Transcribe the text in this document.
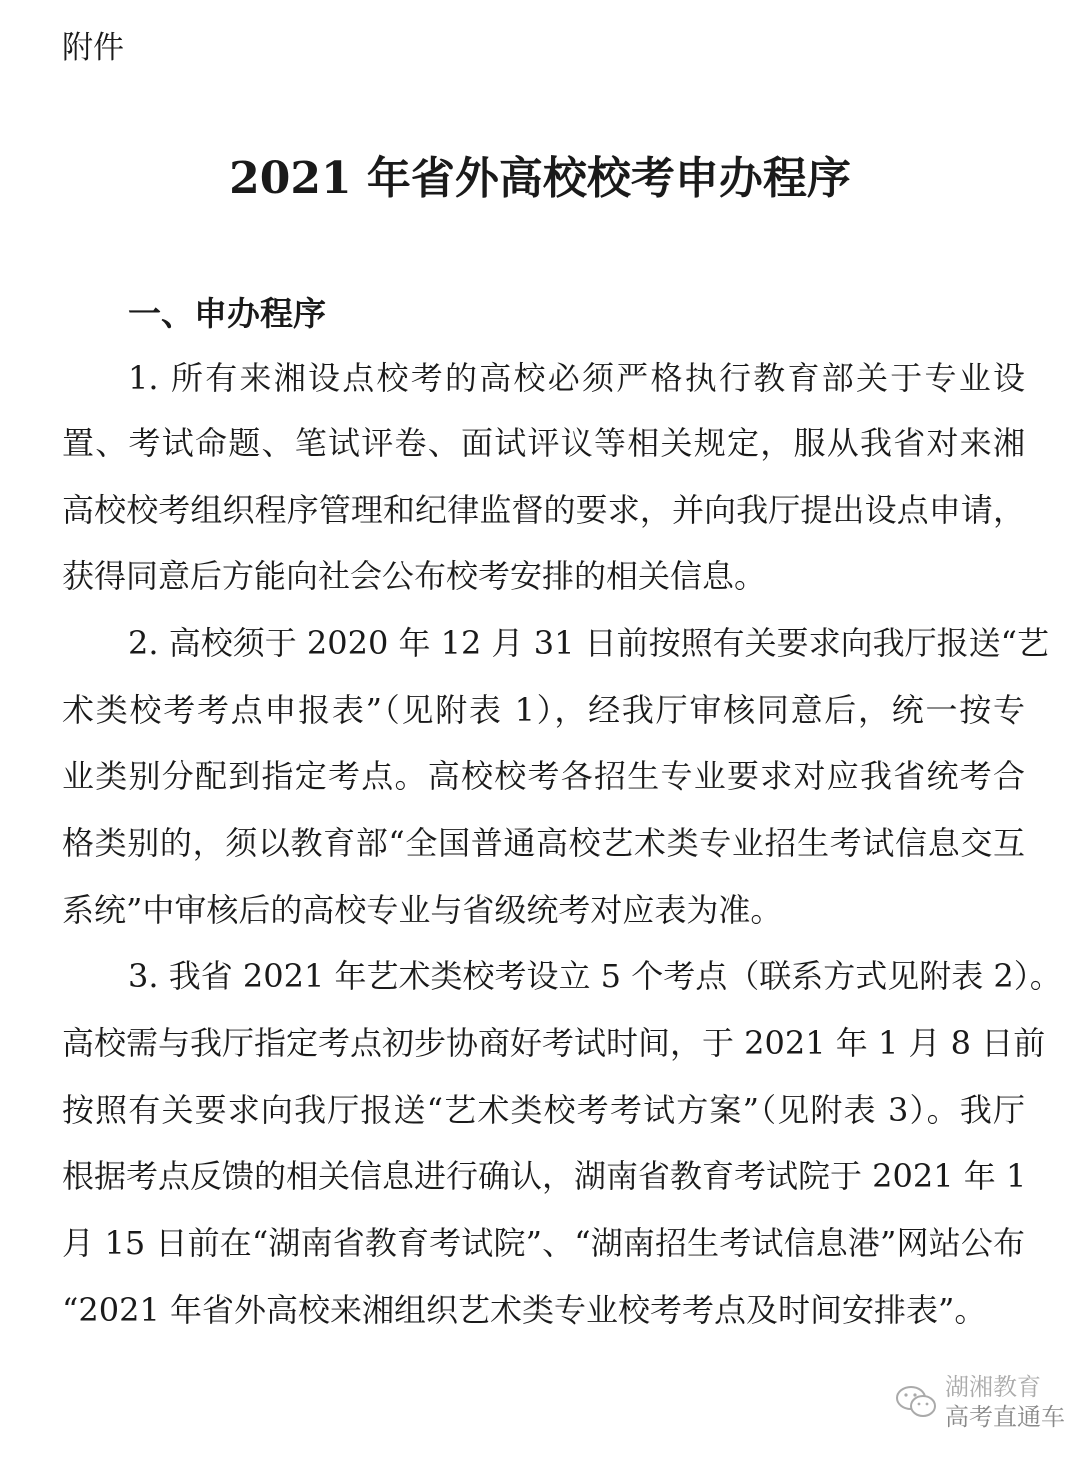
附件
2021 年省外高校校考申办程序
一、申办程序
1. 所有来湘设点校考的高校必须严格执行教育部关于专业设
置、考试命题、笔试评卷、面试评议等相关规定，服从我省对来湘
高校校考组织程序管理和纪律监督的要求，并向我厅提出设点申请，
获得同意后方能向社会公布校考安排的相关信息。
2. 高校须于 2020 年 12 月 31 日前按照有关要求向我厅报送“艺
术类校考考点申报表”（见附表 1），经我厅审核同意后，统一按专
业类别分配到指定考点。高校校考各招生专业要求对应我省统考合
格类别的，须以教育部“全国普通高校艺术类专业招生考试信息交互
系统”中审核后的高校专业与省级统考对应表为准。
3. 我省 2021 年艺术类校考设立 5 个考点（联系方式见附表 2）。
高校需与我厅指定考点初步协商好考试时间，于 2021 年 1 月 8 日前
按照有关要求向我厅报送“艺术类校考考试方案”（见附表 3）。我厅
根据考点反馈的相关信息进行确认，湖南省教育考试院于 2021 年 1
月 15 日前在“湖南省教育考试院”、“湖南招生考试信息港”网站公布
“2021 年省外高校来湘组织艺术类专业校考考点及时间安排表”。
湖湘教育
高考直通车
